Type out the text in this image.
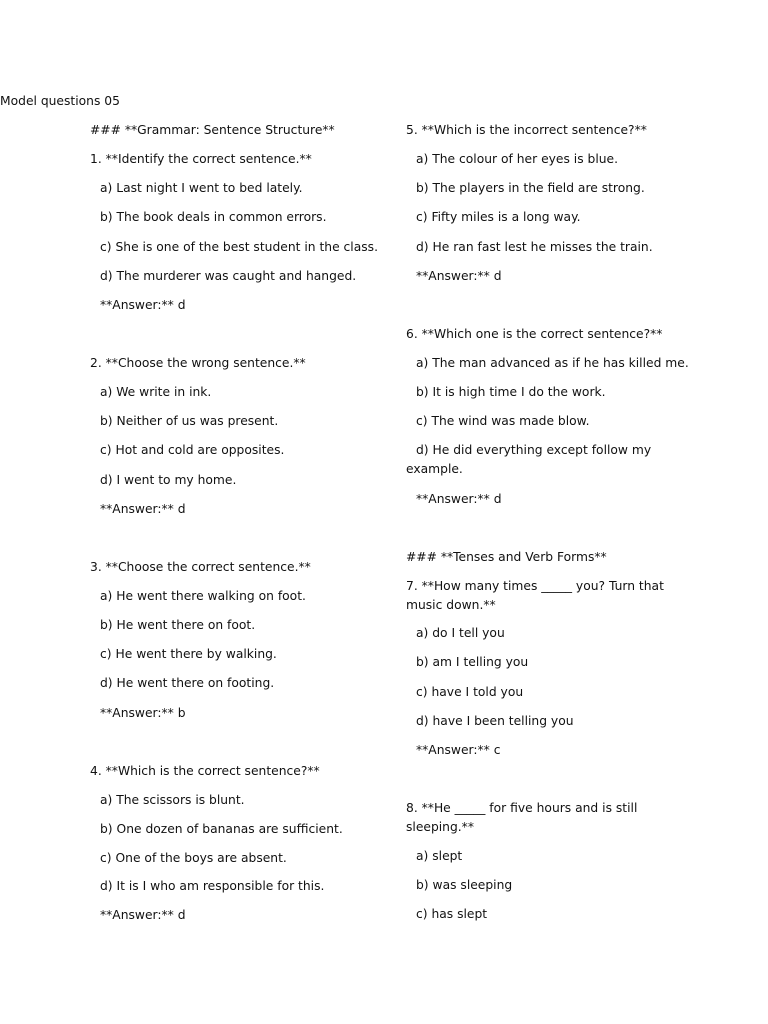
Model questions 05
### **Grammar: Sentence Structure**
1. **Identify the correct sentence.**
a) Last night I went to bed lately.
b) The book deals in common errors.
c) She is one of the best student in the class.
d) The murderer was caught and hanged.
**Answer:** d
2. **Choose the wrong sentence.**
a) We write in ink.
b) Neither of us was present.
c) Hot and cold are opposites.
d) I went to my home.
**Answer:** d
3. **Choose the correct sentence.**
a) He went there walking on foot.
b) He went there on foot.
c) He went there by walking.
d) He went there on footing.
**Answer:** b
4. **Which is the correct sentence?**
a) The scissors is blunt.
b) One dozen of bananas are sufficient.
c) One of the boys are absent.
d) It is I who am responsible for this.
**Answer:** d
5. **Which is the incorrect sentence?**
a) The colour of her eyes is blue.
b) The players in the field are strong.
c) Fifty miles is a long way.
d) He ran fast lest he misses the train.
**Answer:** d
6. **Which one is the correct sentence?**
a) The man advanced as if he has killed me.
b) It is high time I do the work.
c) The wind was made blow.
d) He did everything except follow my example.
**Answer:** d
### **Tenses and Verb Forms**
7. **How many times _____ you? Turn that music down.**
a) do I tell you
b) am I telling you
c) have I told you
d) have I been telling you
**Answer:** c
8. **He _____ for five hours and is still sleeping.**
a) slept
b) was sleeping
c) has slept
